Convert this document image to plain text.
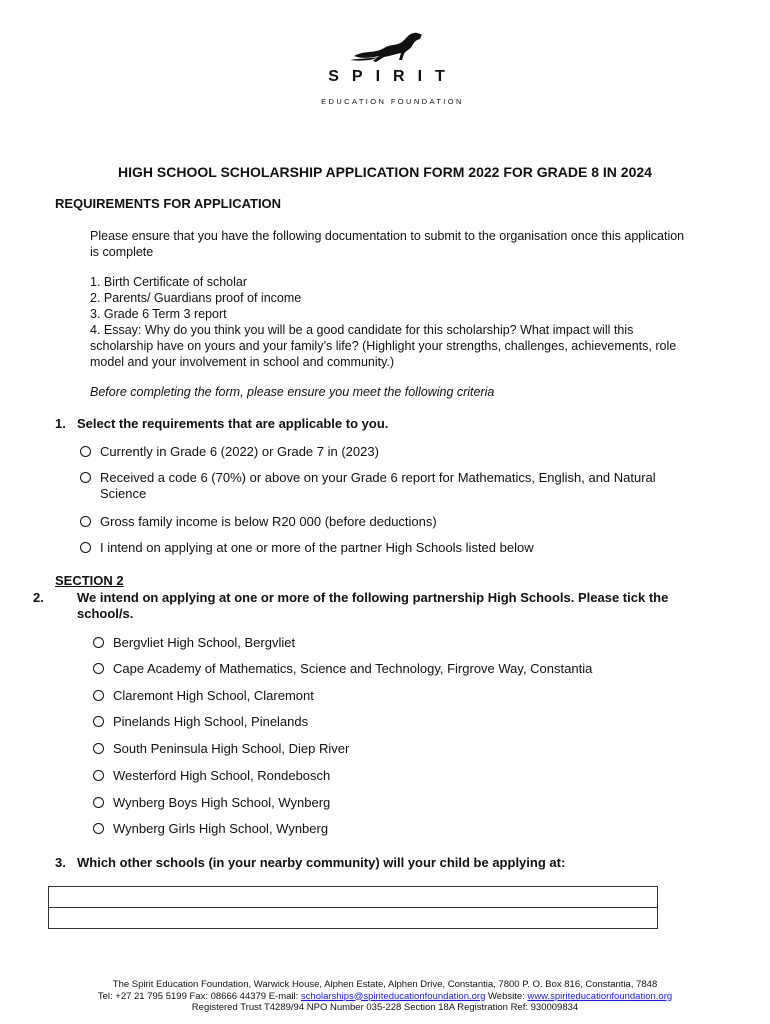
SPIRIT
EDUCATION FOUNDATION
HIGH SCHOOL SCHOLARSHIP APPLICATION FORM 2022 FOR GRADE 8 IN 2024
REQUIREMENTS FOR APPLICATION
Please ensure that you have the following documentation to submit to the organisation once this application is complete
1. Birth Certificate of scholar
2. Parents/ Guardians proof of income
3. Grade 6 Term 3 report
4. Essay: Why do you think you will be a good candidate for this scholarship? What impact will this scholarship have on yours and your family’s life? (Highlight your strengths, challenges, achievements, role model and your involvement in school and community.)
Before completing the form, please ensure you meet the following criteria
1. Select the requirements that are applicable to you.
Currently in Grade 6 (2022) or Grade 7 in (2023)
Received a code 6 (70%) or above on your Grade 6 report for Mathematics, English, and Natural Science
Gross family income is below R20 000 (before deductions)
I intend on applying at one or more of the partner High Schools listed below
SECTION 2
2.	We intend on applying at one or more of the following partnership High Schools. Please tick the school/s.
Bergvliet High School, Bergvliet
Cape Academy of Mathematics, Science and Technology, Firgrove Way, Constantia
Claremont High School, Claremont
Pinelands High School, Pinelands
South Peninsula High School, Diep River
Westerford High School, Rondebosch
Wynberg Boys High School, Wynberg
Wynberg Girls High School, Wynberg
3. Which other schools (in your nearby community) will your child be applying at:

The Spirit Education Foundation, Warwick House, Alphen Estate, Alphen Drive, Constantia, 7800 P. O. Box 816, Constantia, 7848
Tel: +27 21 795 5199 Fax: 08666 44379 E-mail: scholarships@spiriteducationfoundation.org Website: www.spiriteducationfoundation.org
Registered Trust T4289/94 NPO Number 035-228 Section 18A Registration Ref: 930009834
